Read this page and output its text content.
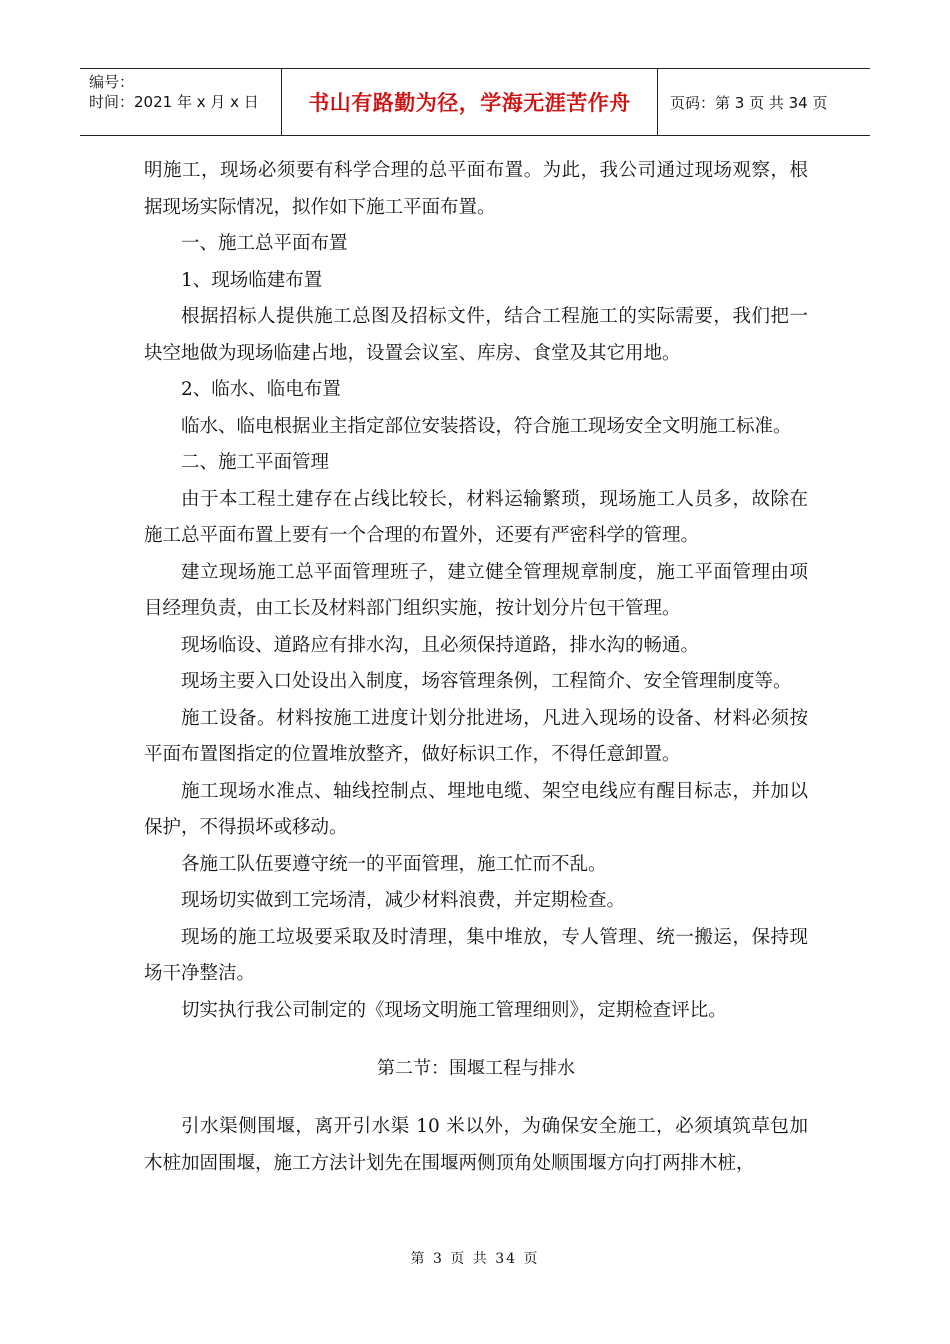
编号：
时间：2021 年 x 月 x 日	书山有路勤为径，学海无涯苦作舟	页码：第 3 页 共 34 页

明施工，现场必须要有科学合理的总平面布置。为此，我公司通过现场观察，根据现场实际情况，拟作如下施工平面布置。

一、施工总平面布置

1、现场临建布置

根据招标人提供施工总图及招标文件，结合工程施工的实际需要，我们把一块空地做为现场临建占地，设置会议室、库房、食堂及其它用地。

2、临水、临电布置

临水、临电根据业主指定部位安装搭设，符合施工现场安全文明施工标准。

二、施工平面管理

由于本工程土建存在占线比较长，材料运输繁琐，现场施工人员多，故除在施工总平面布置上要有一个合理的布置外，还要有严密科学的管理。

建立现场施工总平面管理班子，建立健全管理规章制度，施工平面管理由项目经理负责，由工长及材料部门组织实施，按计划分片包干管理。

现场临设、道路应有排水沟，且必须保持道路，排水沟的畅通。

现场主要入口处设出入制度，场容管理条例，工程简介、安全管理制度等。

施工设备。材料按施工进度计划分批进场，凡进入现场的设备、材料必须按平面布置图指定的位置堆放整齐，做好标识工作，不得任意卸置。

施工现场水准点、轴线控制点、埋地电缆、架空电线应有醒目标志，并加以保护，不得损坏或移动。

各施工队伍要遵守统一的平面管理，施工忙而不乱。

现场切实做到工完场清，减少材料浪费，并定期检查。

现场的施工垃圾要采取及时清理，集中堆放，专人管理、统一搬运，保持现场干净整洁。

切实执行我公司制定的《现场文明施工管理细则》，定期检查评比。

第二节：围堰工程与排水

引水渠侧围堰，离开引水渠 10 米以外，为确保安全施工，必须填筑草包加木桩加固围堰，施工方法计划先在围堰两侧顶角处顺围堰方向打两排木桩，

第 3 页 共 34 页
